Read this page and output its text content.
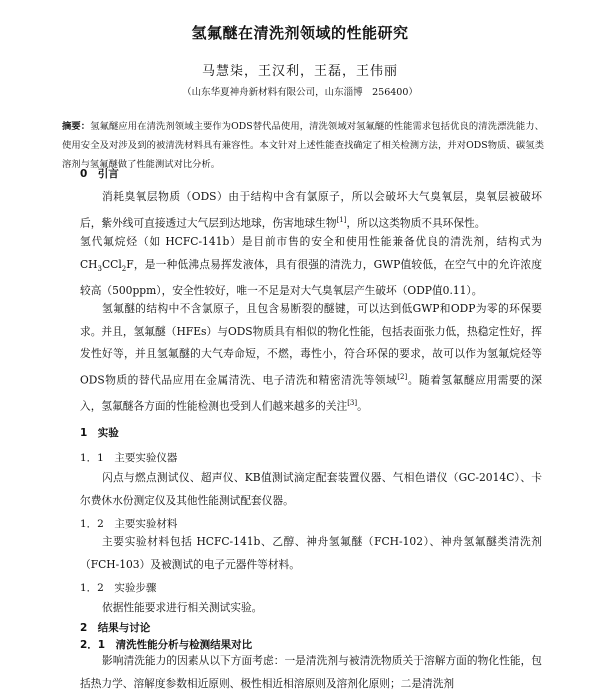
氢氟醚在清洗剂领域的性能研究
马慧柒，王汉利，王磊，王伟丽
（山东华夏神舟新材料有限公司，山东淄博　256400）

摘要：氢氟醚应用在清洗剂领域主要作为ODS替代品使用，清洗领域对氢氟醚的性能需求包括优良的清洗漂洗能力、使用安全及对涉及到的被清洗材料具有兼容性。本文针对上述性能查找确定了相关检测方法，并对ODS物质、碳氢类溶剂与氢氟醚做了性能测试对比分析。

0　引言

消耗臭氧层物质（ODS）由于结构中含有氯原子，所以会破坏大气臭氧层，臭氧层被破坏后，紫外线可直接透过大气层到达地球，伤害地球生物[1]，所以这类物质不具环保性。

氢代氟烷烃（如 HCFC-141b）是目前市售的安全和使用性能兼备优良的清洗剂，结构式为$CH_3CCl_2F$，是一种低沸点易挥发液体，具有很强的清洗力，GWP值较低，在空气中的允许浓度较高（500ppm），安全性较好，唯一不足是对大气臭氧层产生破坏（ODP值0.11）。

氢氟醚的结构中不含氯原子，且包含易断裂的醚键，可以达到低GWP和ODP为零的环保要求。并且，氢氟醚（HFEs）与ODS物质具有相似的物化性能，包括表面张力低，热稳定性好，挥发性好等，并且氢氟醚的大气寿命短，不燃，毒性小，符合环保的要求，故可以作为氢氟烷烃等ODS物质的替代品应用在金属清洗、电子清洗和精密清洗等领域[2]。随着氢氟醚应用需要的深入，氢氟醚各方面的性能检测也受到人们越来越多的关注[3]。

1　实验
1．1　主要实验仪器

闪点与燃点测试仪、超声仪、KB值测试滴定配套装置仪器、气相色谱仪（GC-2014C）、卡尔费休水份测定仪及其他性能测试配套仪器。

1．2　主要实验材料

主要实验材料包括 HCFC-141b、乙醇、神舟氢氟醚（FCH-102）、神舟氢氟醚类清洗剂（FCH-103）及被测试的电子元器件等材料。

1．2　实验步骤

依据性能要求进行相关测试实验。

2　结果与讨论
2．1　清洗性能分析与检测结果对比

影响清洗能力的因素从以下方面考虑：一是清洗剂与被清洗物质关于溶解方面的物化性能，包括热力学、溶解度参数相近原则、极性相近相溶原则及溶剂化原则；二是清洗剂
